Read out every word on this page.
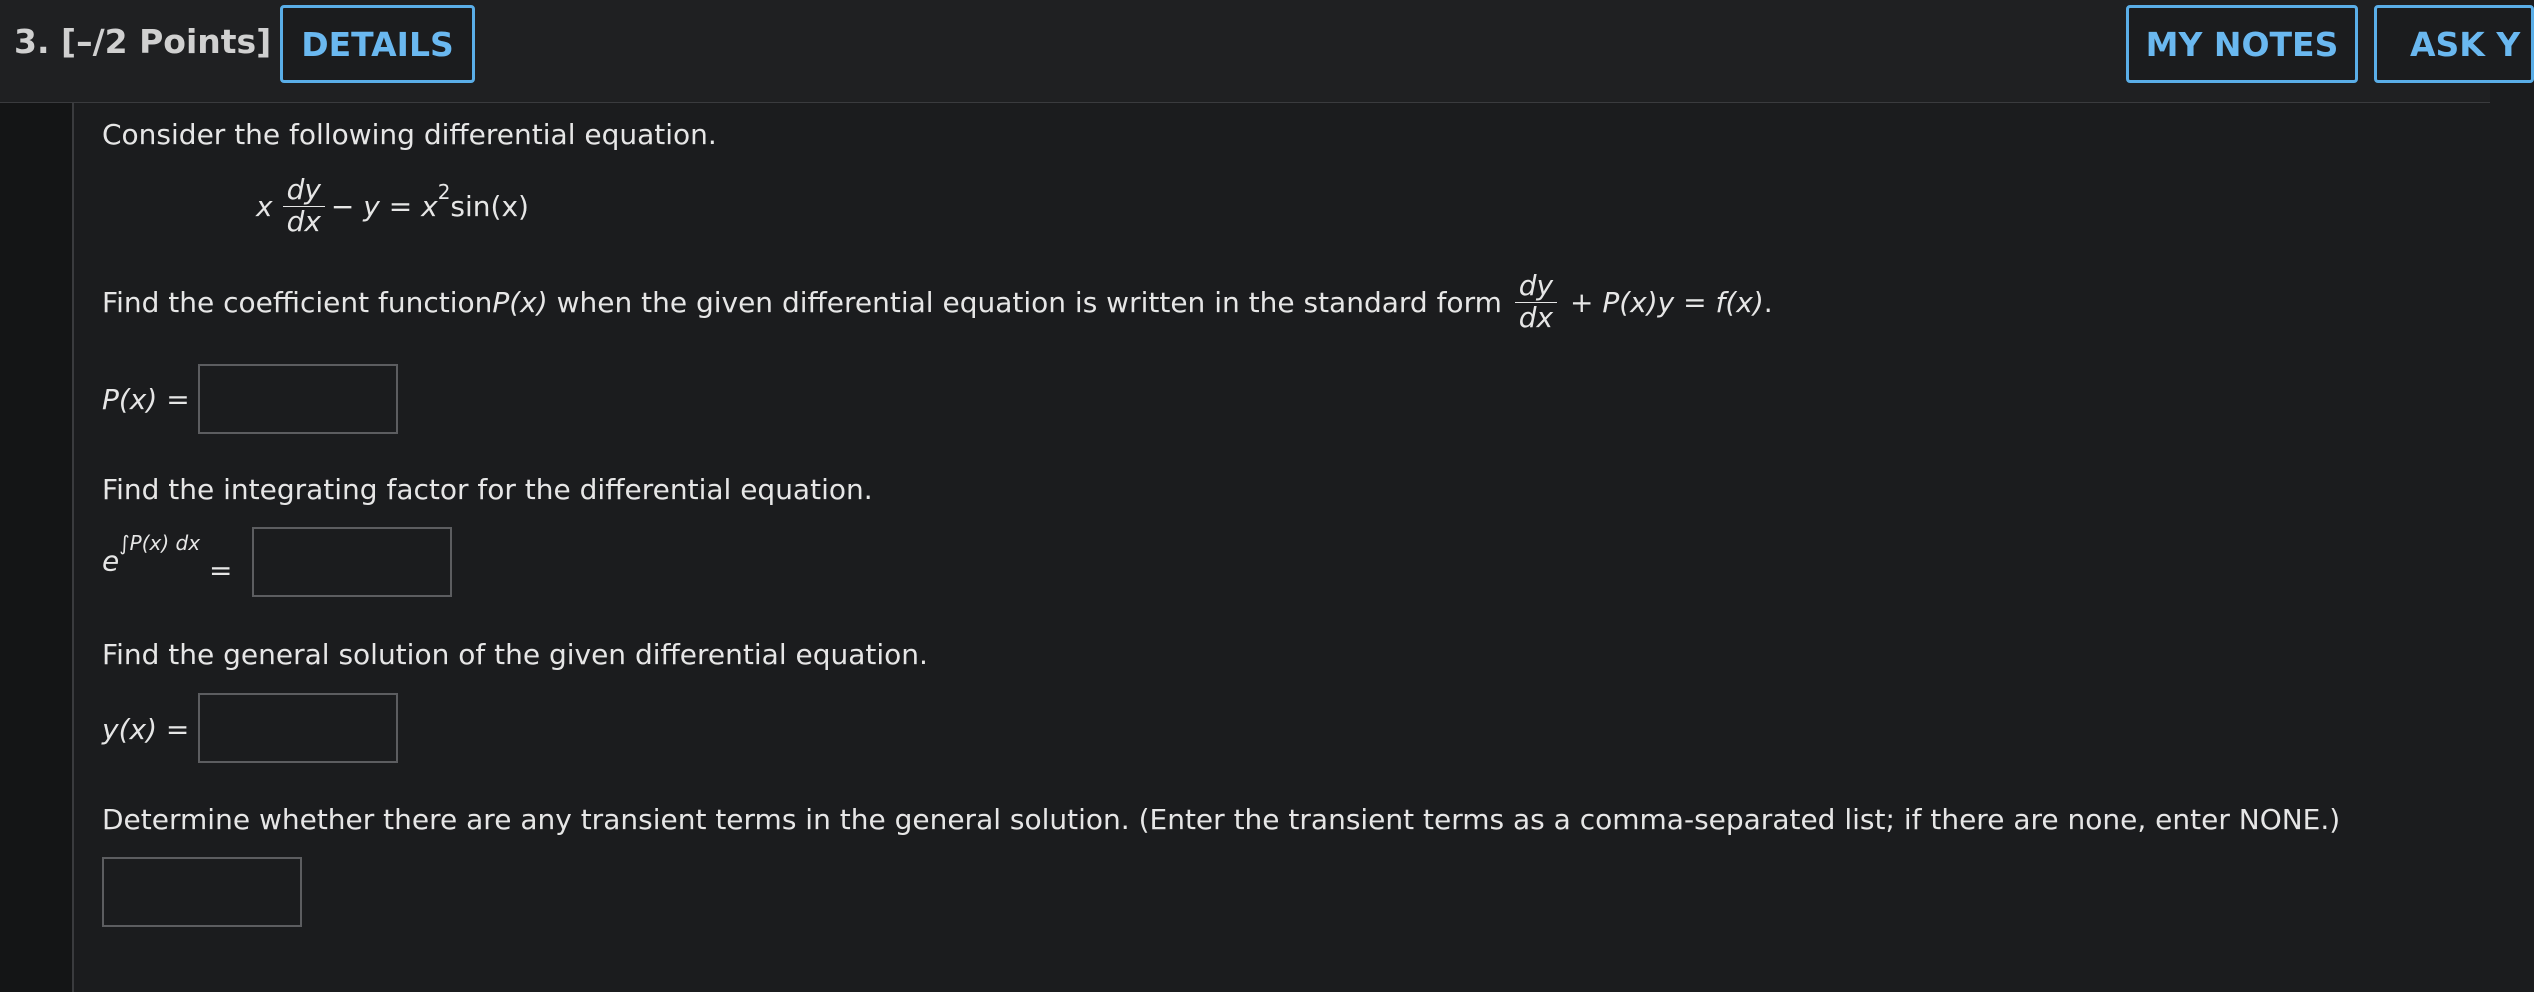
3. [–/2 Points] DETAILS	MY NOTES	ASK Y
Consider the following differential equation.
x $\frac{dy}{dx} - y = x^2$ sin(x)
Find the coefficient function P(x) when the given differential equation is written in the standard form $\frac{dy}{dx} + P(x)y = f(x)$ .
P(x) =
Find the integrating factor for the differential equation.
$e^{\int P(x) dx}$ =
Find the general solution of the given differential equation.
y(x) =
Determine whether there are any transient terms in the general solution. (Enter the transient terms as a comma-separated list; if there are none, enter NONE.)
